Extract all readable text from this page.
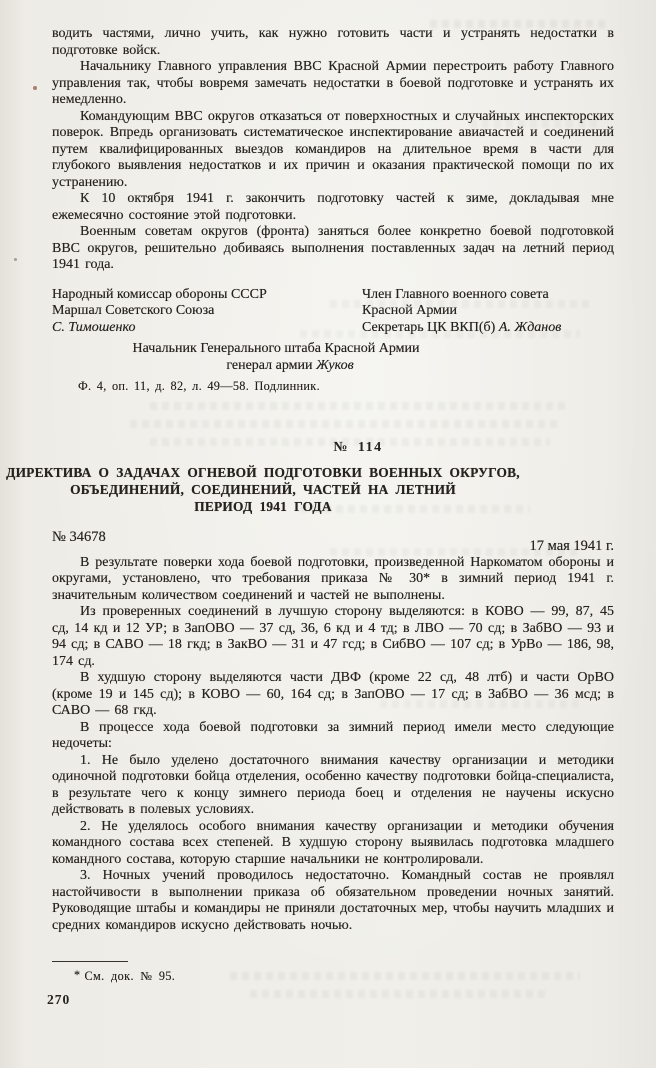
водить частями, лично учить, как нужно готовить части и устранять недостатки в подготовке войск.

Начальнику Главного управления ВВС Красной Армии перестроить работу Главного управления так, чтобы вовремя замечать недостатки в боевой подготовке и устранять их немедленно.

Командующим ВВС округов отказаться от поверхностных и случайных инспекторских поверок. Впредь организовать систематическое инспектирование авиачастей и соединений путем квалифицированных выездов командиров на длительное время в части для глубокого выявления недостатков и их причин и оказания практической помощи по их устранению.

К 10 октября 1941 г. закончить подготовку частей к зиме, докладывая мне ежемесячно состояние этой подготовки.

Военным советам округов (фронта) заняться более конкретно боевой подготовкой ВВС округов, решительно добиваясь выполнения поставленных задач на летний период 1941 года.

Народный комиссар обороны СССР
Маршал Советского Союза
С. Тимошенко
Член Главного военного совета
Красной Армии
Секретарь ЦК ВКП(б) А. Жданов
Начальник Генерального штаба Красной Армии
генерал армии Жуков
Ф. 4, оп. 11, д. 82, л. 49—58. Подлинник.
№ 114
ДИРЕКТИВА О ЗАДАЧАХ ОГНЕВОЙ ПОДГОТОВКИ ВОЕННЫХ ОКРУГОВ,
ОБЪЕДИНЕНИЙ, СОЕДИНЕНИЙ, ЧАСТЕЙ НА ЛЕТНИЙ
ПЕРИОД 1941 ГОДА
№ 34678
17 мая 1941 г.

В результате поверки хода боевой подготовки, произведенной Наркоматом обороны и округами, установлено, что требования приказа № 30* в зимний период 1941 г. значительным количеством соединений и частей не выполнены.

Из проверенных соединений в лучшую сторону выделяются: в КОВО — 99, 87, 45 сд, 14 кд и 12 УР; в ЗапОВО — 37 сд, 36, 6 кд и 4 тд; в ЛВО — 70 сд; в ЗабВО — 93 и 94 сд; в САВО — 18 гкд; в ЗакВО — 31 и 47 гсд; в СибВО — 107 сд; в УрВо — 186, 98, 174 сд.

В худшую сторону выделяются части ДВФ (кроме 22 сд, 48 лтб) и части ОрВО (кроме 19 и 145 сд); в КОВО — 60, 164 сд; в ЗапОВО — 17 сд; в ЗабВО — 36 мсд; в САВО — 68 гкд.

В процессе хода боевой подготовки за зимний период имели место следующие недочеты:

1. Не было уделено достаточного внимания качеству организации и методики одиночной подготовки бойца отделения, особенно качеству подготовки бойца-специалиста, в результате чего к концу зимнего периода боец и отделения не научены искусно действовать в полевых условиях.

2. Не уделялось особого внимания качеству организации и методики обучения командного состава всех степеней. В худшую сторону выявилась подготовка младшего командного состава, которую старшие начальники не контролировали.

3. Ночных учений проводилось недостаточно. Командный состав не проявлял настойчивости в выполнении приказа об обязательном проведении ночных занятий. Руководящие штабы и командиры не приняли достаточных мер, чтобы научить младших и средних командиров искусно действовать ночью.

* См. док. № 95.
270
